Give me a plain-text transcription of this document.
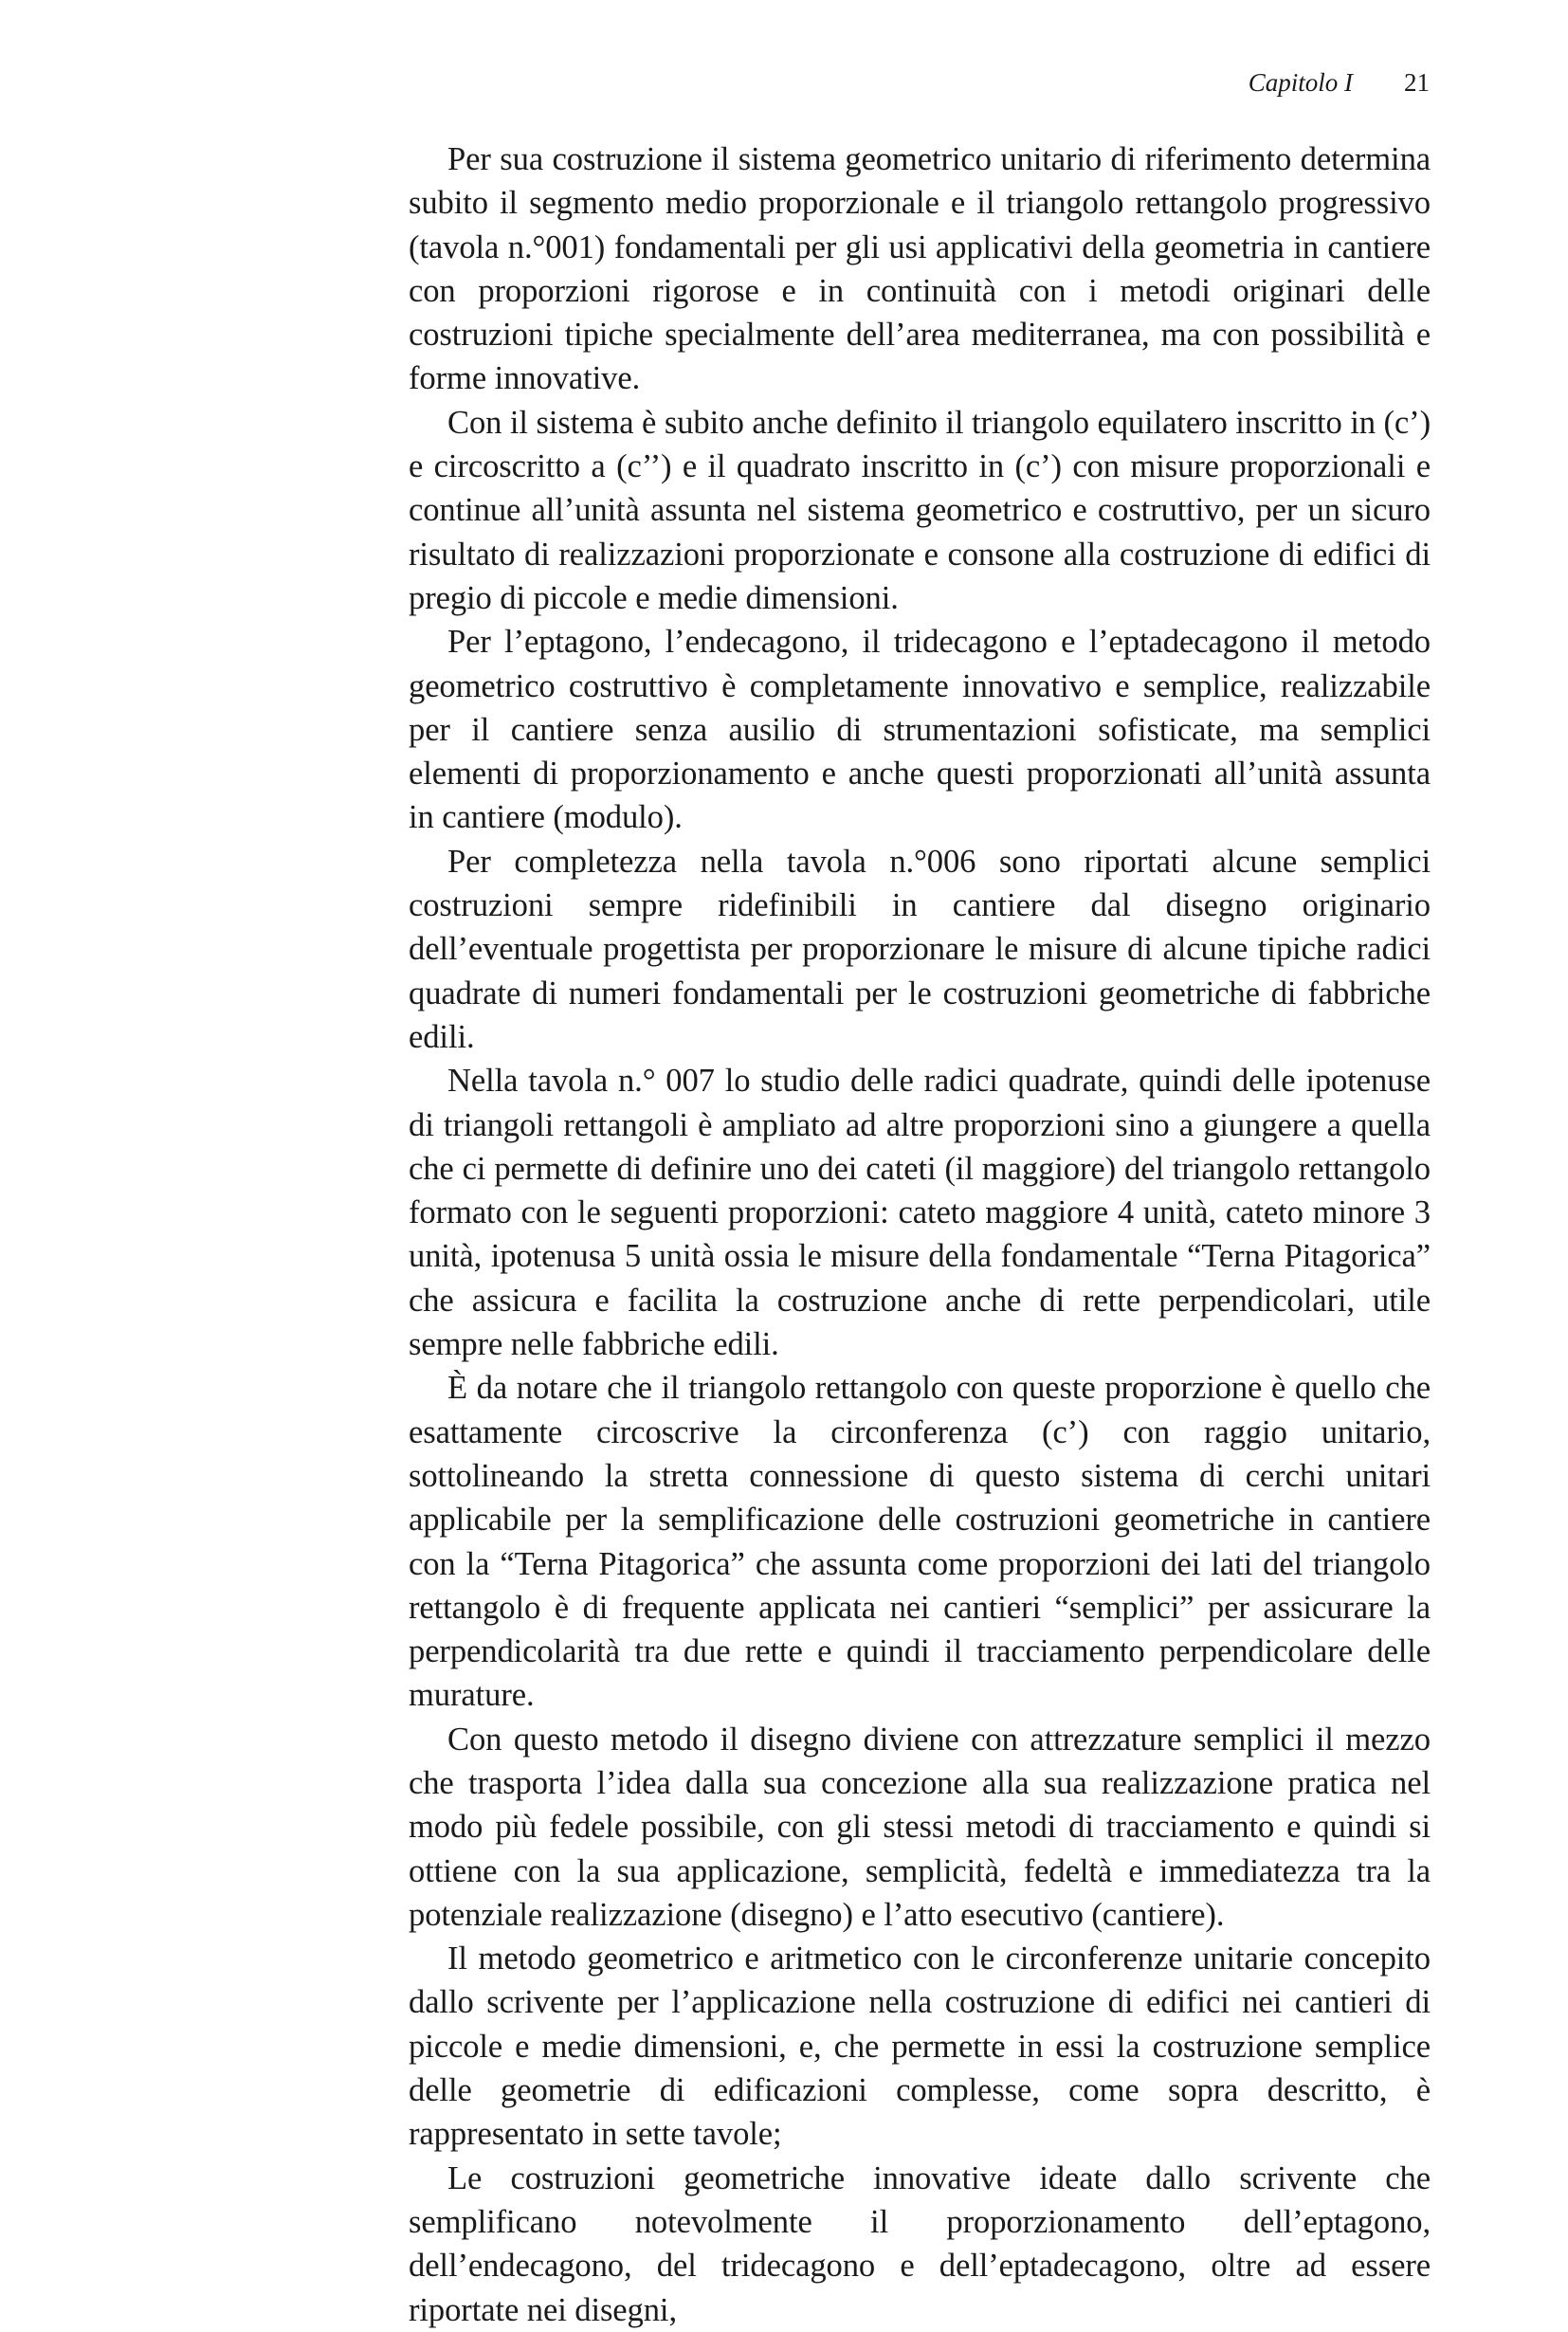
Capitolo I 21

Per sua costruzione il sistema geometrico unitario di riferimento determina subito il segmento medio proporzionale e il triangolo rettangolo progressivo (tavola n.°001) fondamentali per gli usi applicativi della geometria in cantiere con proporzioni rigorose e in continuità con i metodi originari delle costruzioni tipiche specialmente dell’area mediterranea, ma con possibilità e forme innovative.

Con il sistema è subito anche definito il triangolo equilatero inscritto in (c’) e circoscritto a (c’’) e il quadrato inscritto in (c’) con misure proporzionali e continue all’unità assunta nel sistema geometrico e costruttivo, per un sicuro risultato di realizzazioni proporzionate e consone alla costruzione di edifici di pregio di piccole e medie dimensioni.

Per l’eptagono, l’endecagono, il tridecagono e l’eptadecagono il metodo geometrico costruttivo è completamente innovativo e semplice, realizzabile per il cantiere senza ausilio di strumentazioni sofisticate, ma semplici elementi di proporzionamento e anche questi proporzionati all’unità assunta in cantiere (modulo).

Per completezza nella tavola n.°006 sono riportati alcune semplici costruzioni sempre ridefinibili in cantiere dal disegno originario dell’eventuale progettista per proporzionare le misure di alcune tipiche radici quadrate di numeri fondamentali per le costruzioni geometriche di fabbriche edili.

Nella tavola n.° 007 lo studio delle radici quadrate, quindi delle ipotenuse di triangoli rettangoli è ampliato ad altre proporzioni sino a giungere a quella che ci permette di definire uno dei cateti (il maggiore) del triangolo rettangolo formato con le seguenti proporzioni: cateto maggiore 4 unità, cateto minore 3 unità, ipotenusa 5 unità ossia le misure della fondamentale “Terna Pitagorica” che assicura e facilita la costruzione anche di rette perpendicolari, utile sempre nelle fabbriche edili.

È da notare che il triangolo rettangolo con queste proporzione è quello che esattamente circoscrive la circonferenza (c’) con raggio unitario, sottolineando la stretta connessione di questo sistema di cerchi unitari applicabile per la semplificazione delle costruzioni geometriche in cantiere con la “Terna Pitagorica” che assunta come proporzioni dei lati del triangolo rettangolo è di frequente applicata nei cantieri “semplici” per assicurare la perpendicolarità tra due rette e quindi il tracciamento perpendicolare delle murature.

Con questo metodo il disegno diviene con attrezzature semplici il mezzo che trasporta l’idea dalla sua concezione alla sua realizzazione pratica nel modo più fedele possibile, con gli stessi metodi di tracciamento e quindi si ottiene con la sua applicazione, semplicità, fedeltà e immediatezza tra la potenziale realizzazione (disegno) e l’atto esecutivo (cantiere).

Il metodo geometrico e aritmetico con le circonferenze unitarie concepito dallo scrivente per l’applicazione nella costruzione di edifici nei cantieri di piccole e medie dimensioni, e, che permette in essi la costruzione semplice delle geometrie di edificazioni complesse, come sopra descritto, è rappresentato in sette tavole;

Le costruzioni geometriche innovative ideate dallo scrivente che semplificano notevolmente il proporzionamento dell’eptagono, dell’endecagono, del tridecagono e dell’eptadecagono, oltre ad essere riportate nei disegni,
